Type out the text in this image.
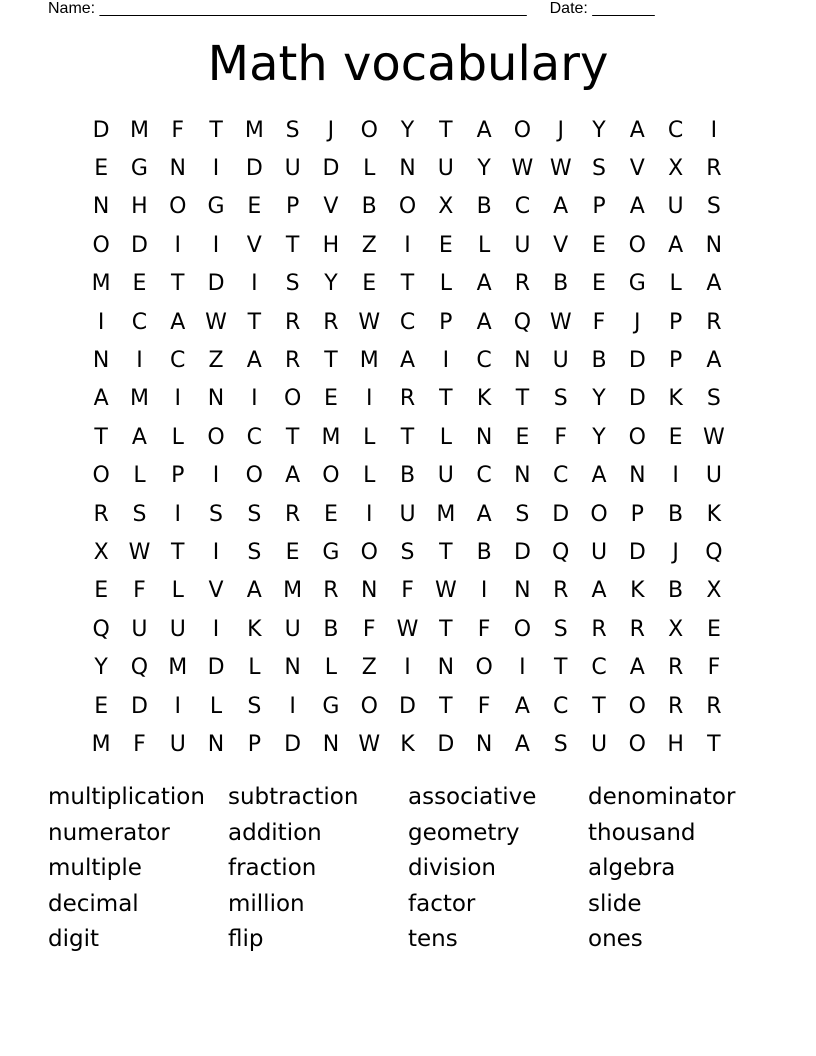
Name: ________________________________________________ Date: _______
Math vocabulary
D M	F	T	M S	J	O	Y	T	A	O	J	Y	A	C	I
E	G N	I	D U D	L	N	U	Y W W S	V	X	R
N H O G	E	P	V	B	O	X	B	C	A	P	A	U	S
O D	I	I	V	T	H	Z	I	E	L	U	V	E	O	A	N
M E	T	D	I	S	Y	E	T	L	A	R	B	E	G	L	A
I	C	A W T	R	R W C	P	A	Q W F	J	P	R
N	I	C	Z	A	R	T	M A	I	C	N	U	B	D	P	A
A M	I	N	I	O	E	I	R	T	K	T	S	Y	D	K	S
T	A	L	O C	T	M	L	T	L	N	E	F	Y	O	E W
O	L	P	I	O	A	O	L	B	U	C	N	C	A	N	I	U
R	S	I	S	S	R	E	I	U M A	S	D O	P	B	K
X W T	I	S	E	G O	S	T	B	D Q U D	J	Q
E	F	L	V	A M R	N	F W	I	N	R	A	K	B	X
Q U	U	I	K	U	B	F W T	F	O	S	R	R	X	E
Y	Q M D	L	N	L	Z	I	N O	I	T	C	A	R	F
E	D	I	L	S	I	G O D	T	F	A	C	T	O R	R
M	F	U	N	P	D N W K	D N	A	S	U O H	T
multiplication	subtraction	associative	denominator
numerator	addition	geometry	thousand
multiple	fraction	division	algebra
decimal	million	factor	slide
digit	flip	tens	ones
